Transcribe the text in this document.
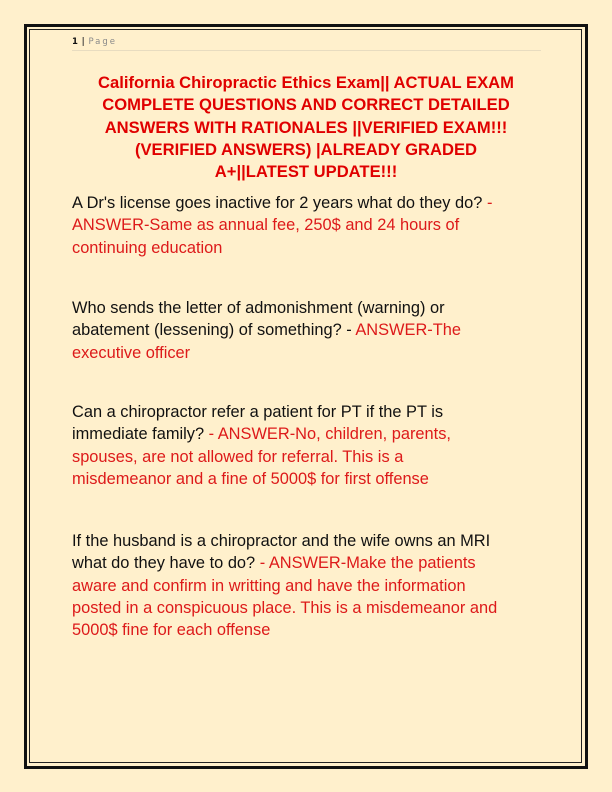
1 | Page
California Chiropractic Ethics Exam|| ACTUAL EXAM
COMPLETE QUESTIONS AND CORRECT DETAILED
ANSWERS WITH RATIONALES ||VERIFIED EXAM!!!
(VERIFIED ANSWERS) |ALREADY GRADED
A+||LATEST UPDATE!!!
A Dr's license goes inactive for 2 years what do they do? -
ANSWER-Same as annual fee, 250$ and 24 hours of
continuing education
Who sends the letter of admonishment (warning) or
abatement (lessening) of something? - ANSWER-The
executive officer
Can a chiropractor refer a patient for PT if the PT is
immediate family? - ANSWER-No, children, parents,
spouses, are not allowed for referral. This is a
misdemeanor and a fine of 5000$ for first offense
If the husband is a chiropractor and the wife owns an MRI
what do they have to do? - ANSWER-Make the patients
aware and confirm in writting and have the information
posted in a conspicuous place. This is a misdemeanor and
5000$ fine for each offense
